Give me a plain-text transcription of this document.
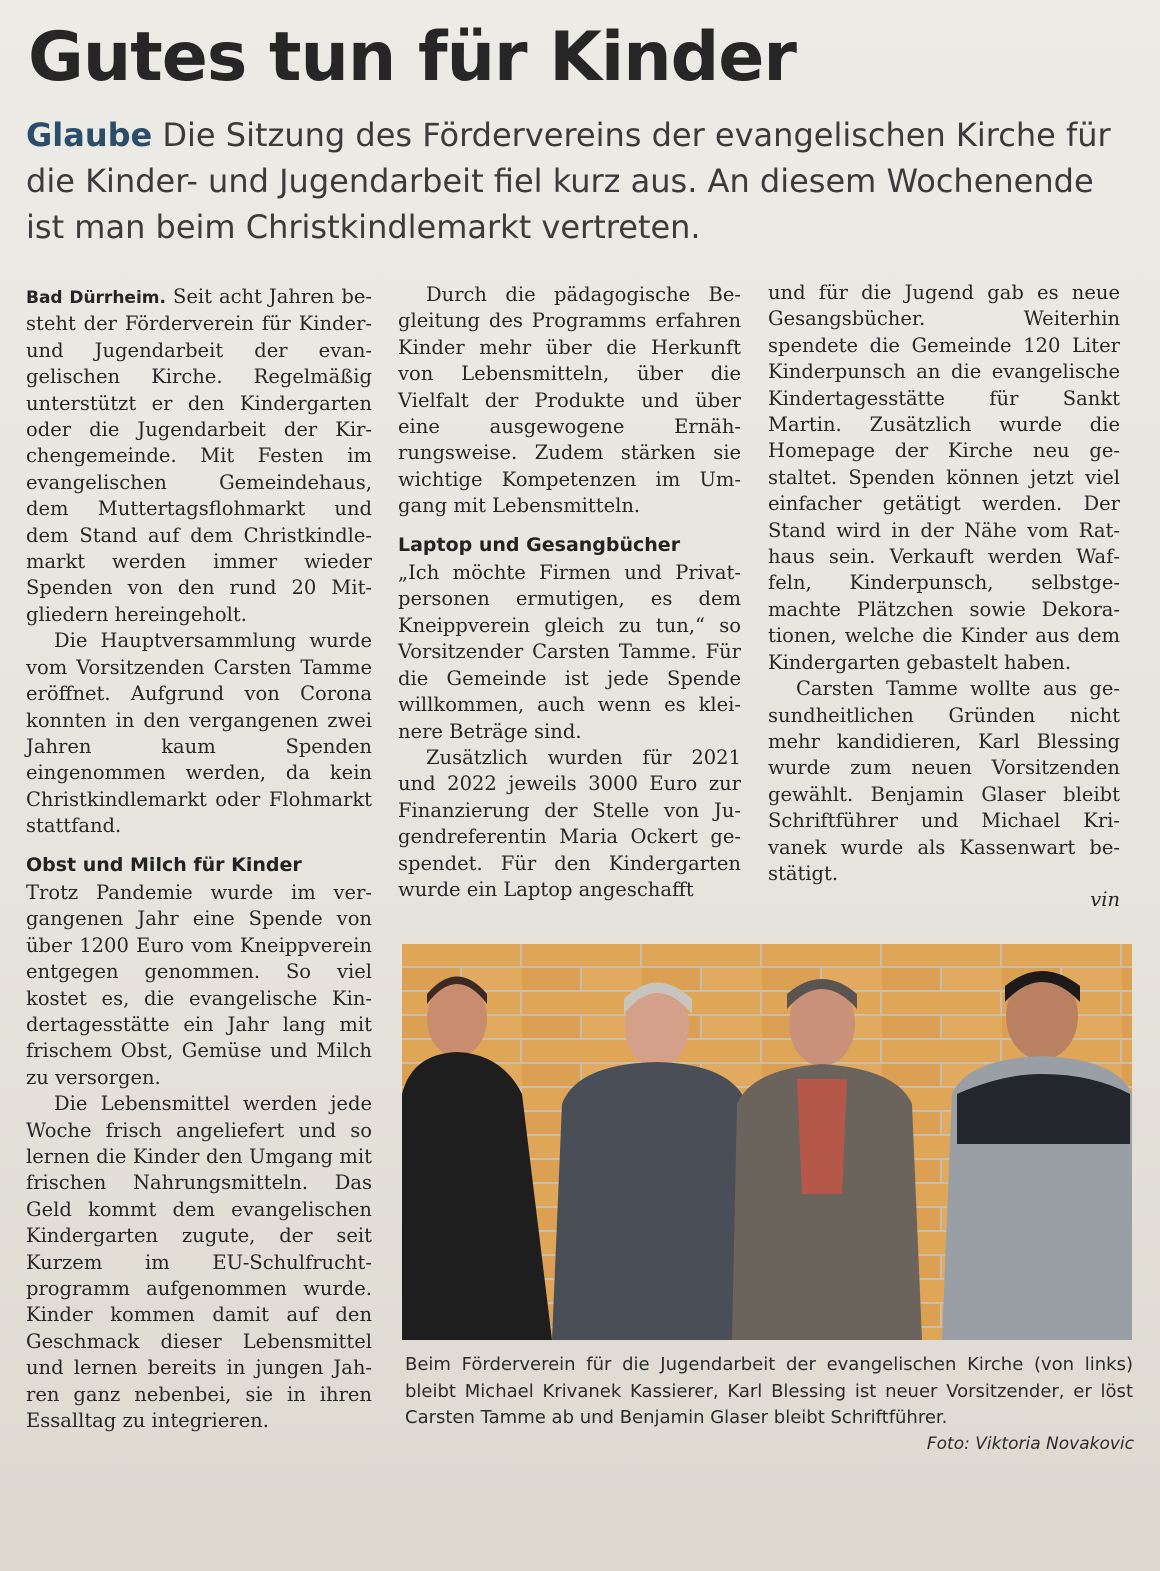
Gutes tun für Kinder

Glaube Die Sitzung des Fördervereins der evangelischen Kirche für die Kinder- und Jugendarbeit fiel kurz aus. An diesem Wochenende ist man beim Christkindlemarkt vertreten.

Bad Dürrheim. Seit acht Jahren besteht der Förderverein für Kinder- und Jugendarbeit der evangelischen Kirche. Regelmäßig unterstützt er den Kindergarten oder die Jugendarbeit der Kirchengemeinde. Mit Festen im evangelischen Gemeindehaus, dem Muttertagsflohmarkt und dem Stand auf dem Christkindlemarkt werden immer wieder Spenden von den rund 20 Mitgliedern hereingeholt.

Die Hauptversammlung wurde vom Vorsitzenden Carsten Tamme eröffnet. Aufgrund von Corona konnten in den vergangenen zwei Jahren kaum Spenden eingenommen werden, da kein Christkindlemarkt oder Flohmarkt stattfand.

Obst und Milch für Kinder

Trotz Pandemie wurde im vergangenen Jahr eine Spende von über 1200 Euro vom Kneippverein entgegen genommen. So viel kostet es, die evangelische Kindertagesstätte ein Jahr lang mit frischem Obst, Gemüse und Milch zu versorgen.

Die Lebensmittel werden jede Woche frisch angeliefert und so lernen die Kinder den Umgang mit frischen Nahrungsmitteln. Das Geld kommt dem evangelischen Kindergarten zugute, der seit Kurzem im EU-Schulfruchtprogramm aufgenommen wurde. Kinder kommen damit auf den Geschmack dieser Lebensmittel und lernen bereits in jungen Jahren ganz nebenbei, sie in ihren Essalltag zu integrieren.

Durch die pädagogische Begleitung des Programms erfahren Kinder mehr über die Herkunft von Lebensmitteln, über die Vielfalt der Produkte und über eine ausgewogene Ernährungsweise. Zudem stärken sie wichtige Kompetenzen im Umgang mit Lebensmitteln.

Laptop und Gesangbücher

„Ich möchte Firmen und Privatpersonen ermutigen, es dem Kneippverein gleich zu tun,“ so Vorsitzender Carsten Tamme. Für die Gemeinde ist jede Spende willkommen, auch wenn es kleinere Beträge sind.

Zusätzlich wurden für 2021 und 2022 jeweils 3000 Euro zur Finanzierung der Stelle von Jugendreferentin Maria Ockert gespendet. Für den Kindergarten wurde ein Laptop angeschafft

und für die Jugend gab es neue Gesangsbücher. Weiterhin spendete die Gemeinde 120 Liter Kinderpunsch an die evangelische Kindertagesstätte für Sankt Martin. Zusätzlich wurde die Homepage der Kirche neu gestaltet. Spenden können jetzt viel einfacher getätigt werden. Der Stand wird in der Nähe vom Rathaus sein. Verkauft werden Waffeln, Kinderpunsch, selbstgemachte Plätzchen sowie Dekorationen, welche die Kinder aus dem Kindergarten gebastelt haben.

Carsten Tamme wollte aus gesundheitlichen Gründen nicht mehr kandidieren, Karl Blessing wurde zum neuen Vorsitzenden gewählt. Benjamin Glaser bleibt Schriftführer und Michael Krivanek wurde als Kassenwart bestätigt.

vin

Beim Förderverein für die Jugendarbeit der evangelischen Kirche (von links) bleibt Michael Krivanek Kassierer, Karl Blessing ist neuer Vorsitzender, er löst Carsten Tamme ab und Benjamin Glaser bleibt Schriftführer.

Foto: Viktoria Novakovic
